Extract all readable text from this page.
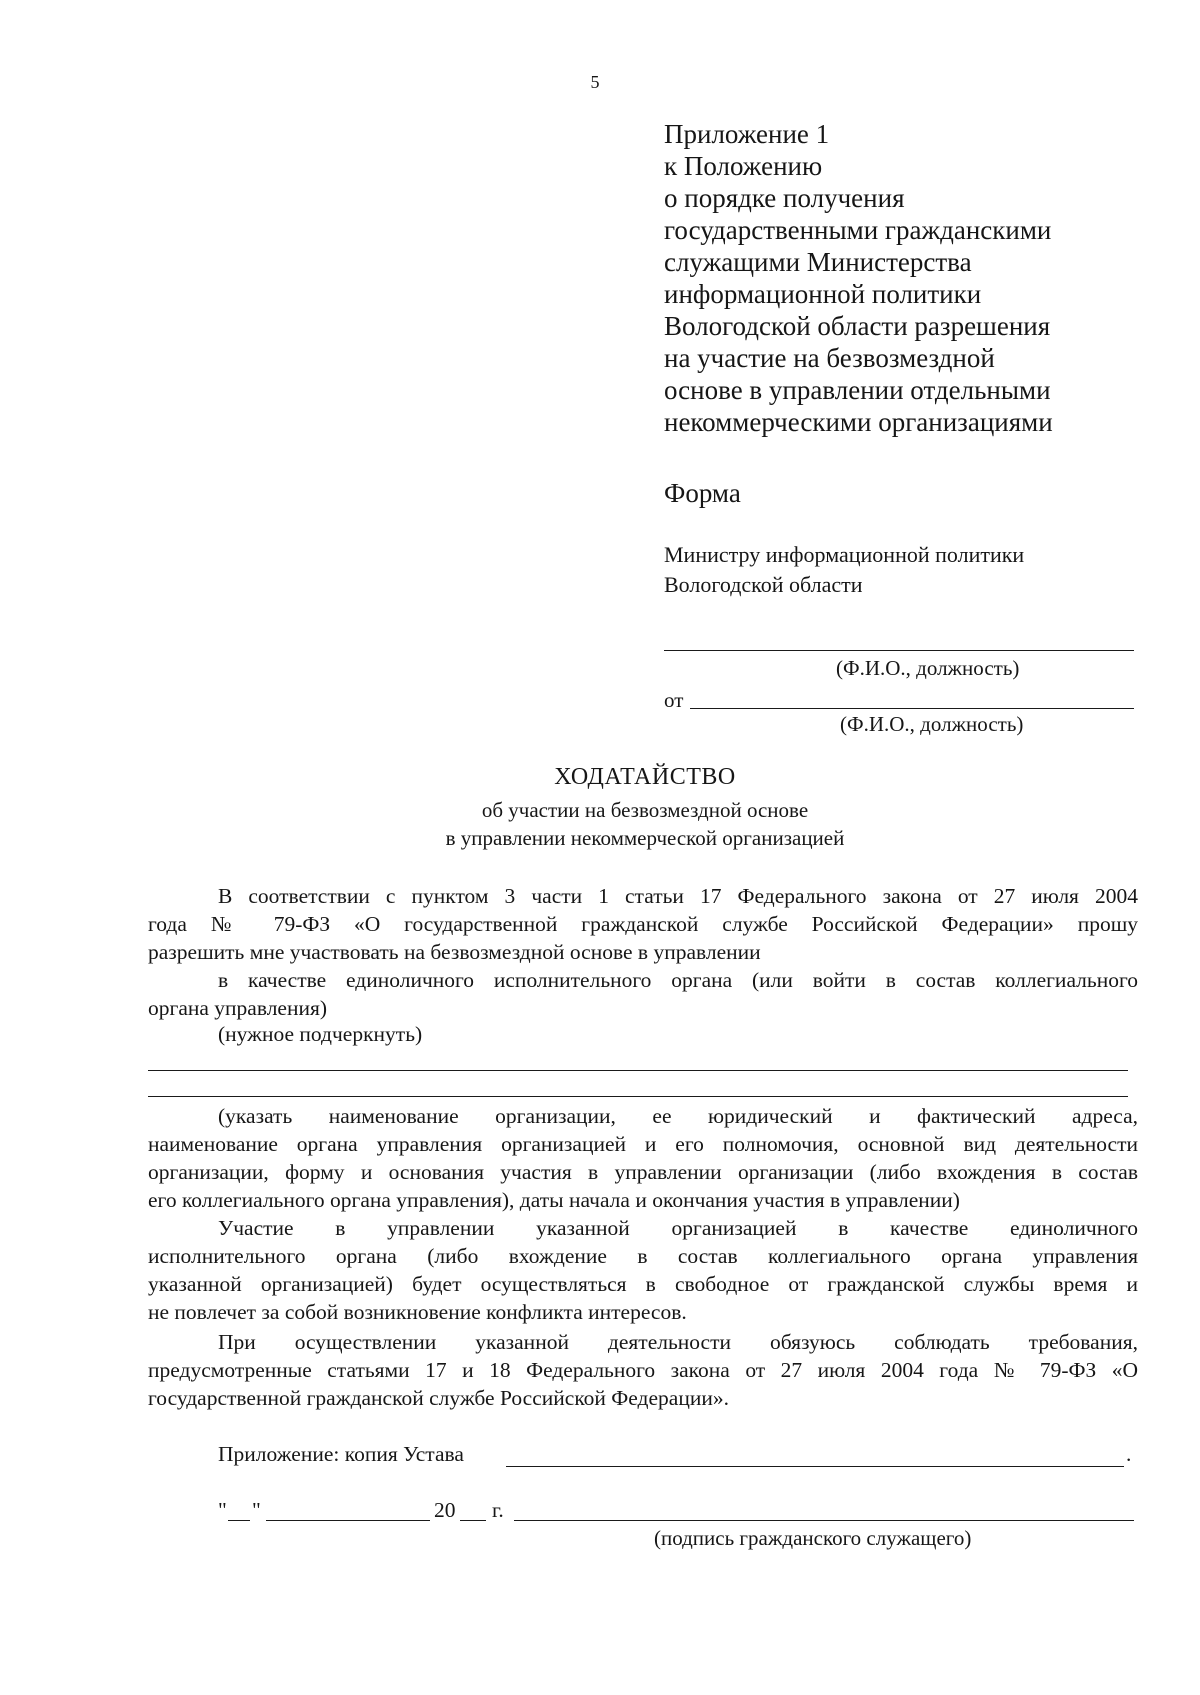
5
Приложение 1
к Положению
о порядке получения
государственными гражданскими
служащими Министерства
информационной политики
Вологодской области разрешения
на участие на безвозмездной
основе в управлении отдельными
некоммерческими организациями
Форма
Министру информационной политики
Вологодской области
(Ф.И.О., должность)
от
(Ф.И.О., должность)
ХОДАТАЙСТВО
об участии на безвозмездной основе
в управлении некоммерческой организацией
В соответствии с пунктом 3 части 1 статьи 17 Федерального закона от 27 июля 2004
года № 79-ФЗ «О государственной гражданской службе Российской Федерации» прошу
разрешить мне участвовать на безвозмездной основе в управлении
в качестве единоличного исполнительного органа (или войти в состав коллегиального
органа управления)
(нужное подчеркнуть)
(указать наименование организации, ее юридический и фактический адреса,
наименование органа управления организацией и его полномочия, основной вид деятельности
организации, форму и основания участия в управлении организации (либо вхождения в состав
его коллегиального органа управления), даты начала и окончания участия в управлении)
Участие в управлении указанной организацией в качестве единоличного
исполнительного органа (либо вхождение в состав коллегиального органа управления
указанной организацией) будет осуществляться в свободное от гражданской службы время и
не повлечет за собой возникновение конфликта интересов.
При осуществлении указанной деятельности обязуюсь соблюдать требования,
предусмотренные статьями 17 и 18 Федерального закона от 27 июля 2004 года № 79-ФЗ «О
государственной гражданской службе Российской Федерации».
Приложение: копия Устава	.
" "	20 г.
(подпись гражданского служащего)
